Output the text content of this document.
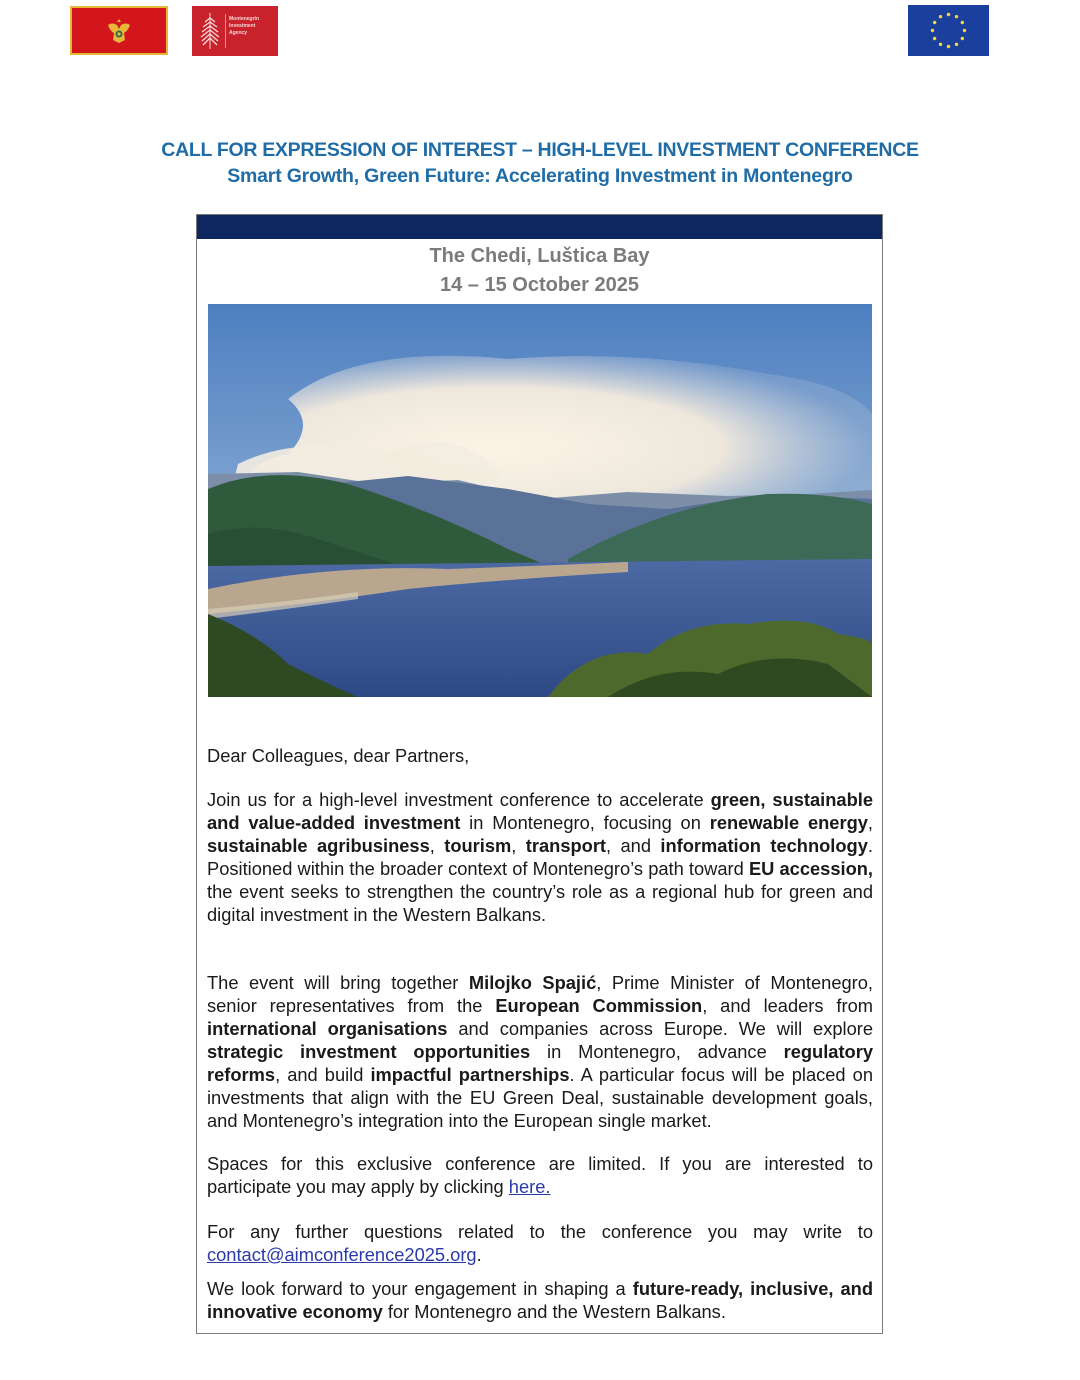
Montenegrin
Investment
Agency
CALL FOR EXPRESSION OF INTEREST – HIGH-LEVEL INVESTMENT CONFERENCE
Smart Growth, Green Future: Accelerating Investment in Montenegro
The Chedi, Luštica Bay
14 – 15 October 2025
Dear Colleagues, dear Partners,
Join us for a high-level investment conference to accelerate green, sustainable and value-added investment in Montenegro, focusing on renewable energy, sustainable agribusiness, tourism, transport, and information technology. Positioned within the broader context of Montenegro’s path toward EU accession, the event seeks to strengthen the country’s role as a regional hub for green and digital investment in the Western Balkans.
The event will bring together Milojko Spajić, Prime Minister of Montenegro, senior representatives from the European Commission, and leaders from international organisations and companies across Europe. We will explore strategic investment opportunities in Montenegro, advance regulatory reforms, and build impactful partnerships. A particular focus will be placed on investments that align with the EU Green Deal, sustainable development goals, and Montenegro’s integration into the European single market.
Spaces for this exclusive conference are limited. If you are interested to participate you may apply by clicking here.
For any further questions related to the conference you may write to contact@aimconference2025.org.
We look forward to your engagement in shaping a future-ready, inclusive, and innovative economy for Montenegro and the Western Balkans.
